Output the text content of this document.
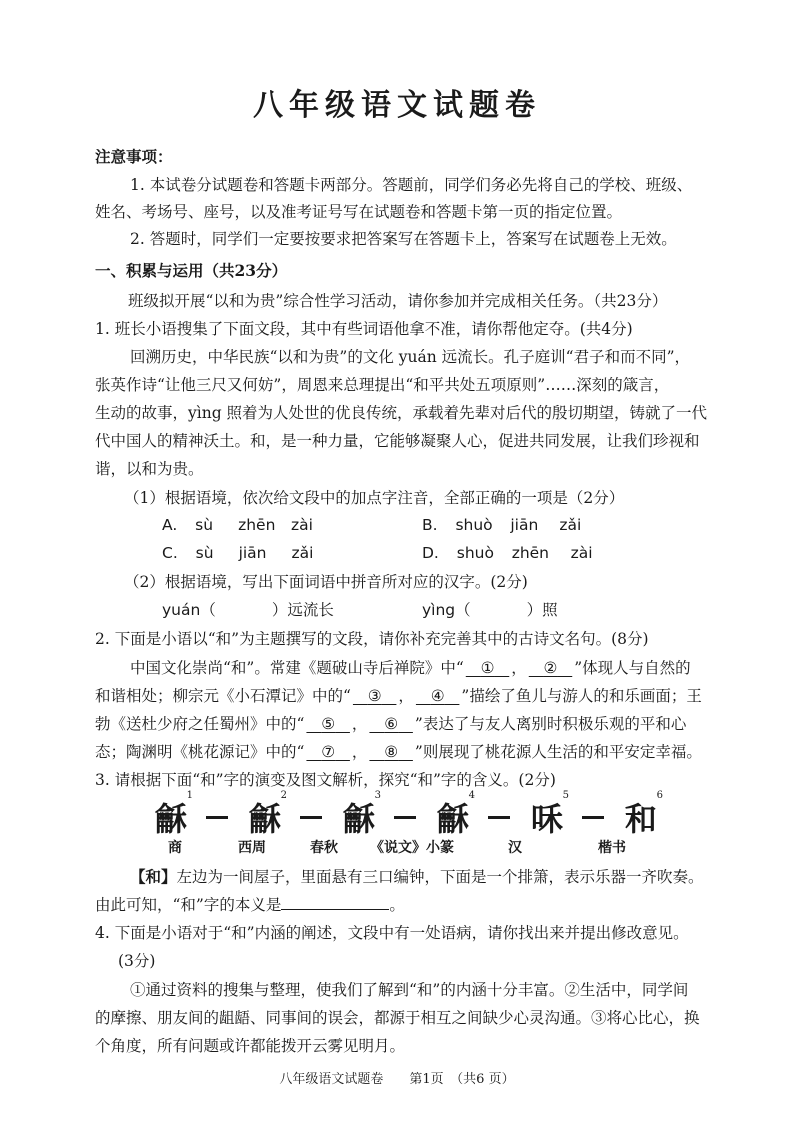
八年级语文试题卷
注意事项：
1. 本试卷分试题卷和答题卡两部分。答题前，同学们务必先将自己的学校、班级、
姓名、考场号、座号，以及准考证号写在试题卷和答题卡第一页的指定位置。
2. 答题时，同学们一定要按要求把答案写在答题卡上，答案写在试题卷上无效。
一、积累与运用（共23分）
班级拟开展“以和为贵”综合性学习活动，请你参加并完成相关任务。（共23分）
1. 班长小语搜集了下面文段，其中有些词语他拿不准，请你帮他定夺。(共4分)
回溯历史，中华民族“以和为贵”的文化 yuán 远流长。孔子庭训“君子和而不同”，
张英作诗“让他三尺又何妨”，周恩来总理提出“和平共处五项原则”……深刻的箴言，
生动的故事，yìng 照着为人处世的优良传统，承载着先辈对后代的殷切期望，铸就了一代
代中国人的精神沃土。和，是一种力量，它能够凝聚人心，促进共同发展，让我们珍视和
谐，以和为贵。
（1）根据语境，依次给文段中的加点字注音，全部正确的一项是（2分）
A. sù zhēn zài	B. shuò jiān zǎi
C. sù jiān zǎi	D. shuò zhēn zài
（2）根据语境，写出下面词语中拼音所对应的汉字。(2分)
yuán（	）远流长	yìng（	）照
2. 下面是小语以“和”为主题撰写的文段，请你补充完善其中的古诗文名句。(8分)
中国文化崇尚“和”。常建《题破山寺后禅院》中“ ① ， ② ”体现人与自然的
和谐相处；柳宗元《小石潭记》中的“ ③ ， ④ ”描绘了鱼儿与游人的和乐画面；王
勃《送杜少府之任蜀州》中的“ ⑤ ， ⑥ ”表达了与友人离别时积极乐观的平和心
态；陶渊明《桃花源记》中的“ ⑦ ， ⑧ ”则展现了桃花源人生活的和平安定幸福。
3. 请根据下面“和”字的演变及图文解析，探究“和”字的含义。(2分)
龢
1
龢
2
龢
3
龢
4
咊
5
和
6
商	西周	春秋 《说文》小篆	汉	楷书
【和】左边为一间屋子，里面悬有三口编钟，下面是一个排箫，表示乐器一齐吹奏。
由此可知，“和”字的本义是	。
4. 下面是小语对于“和”内涵的阐述，文段中有一处语病，请你找出来并提出修改意见。
(3分)
①通过资料的搜集与整理，使我们了解到“和”的内涵十分丰富。②生活中，同学间
的摩擦、朋友间的龃龉、同事间的误会，都源于相互之间缺少心灵沟通。③将心比心，换
个角度，所有问题或许都能拨开云雾见明月。
八年级语文试题卷　　第1页　（共6 页）
